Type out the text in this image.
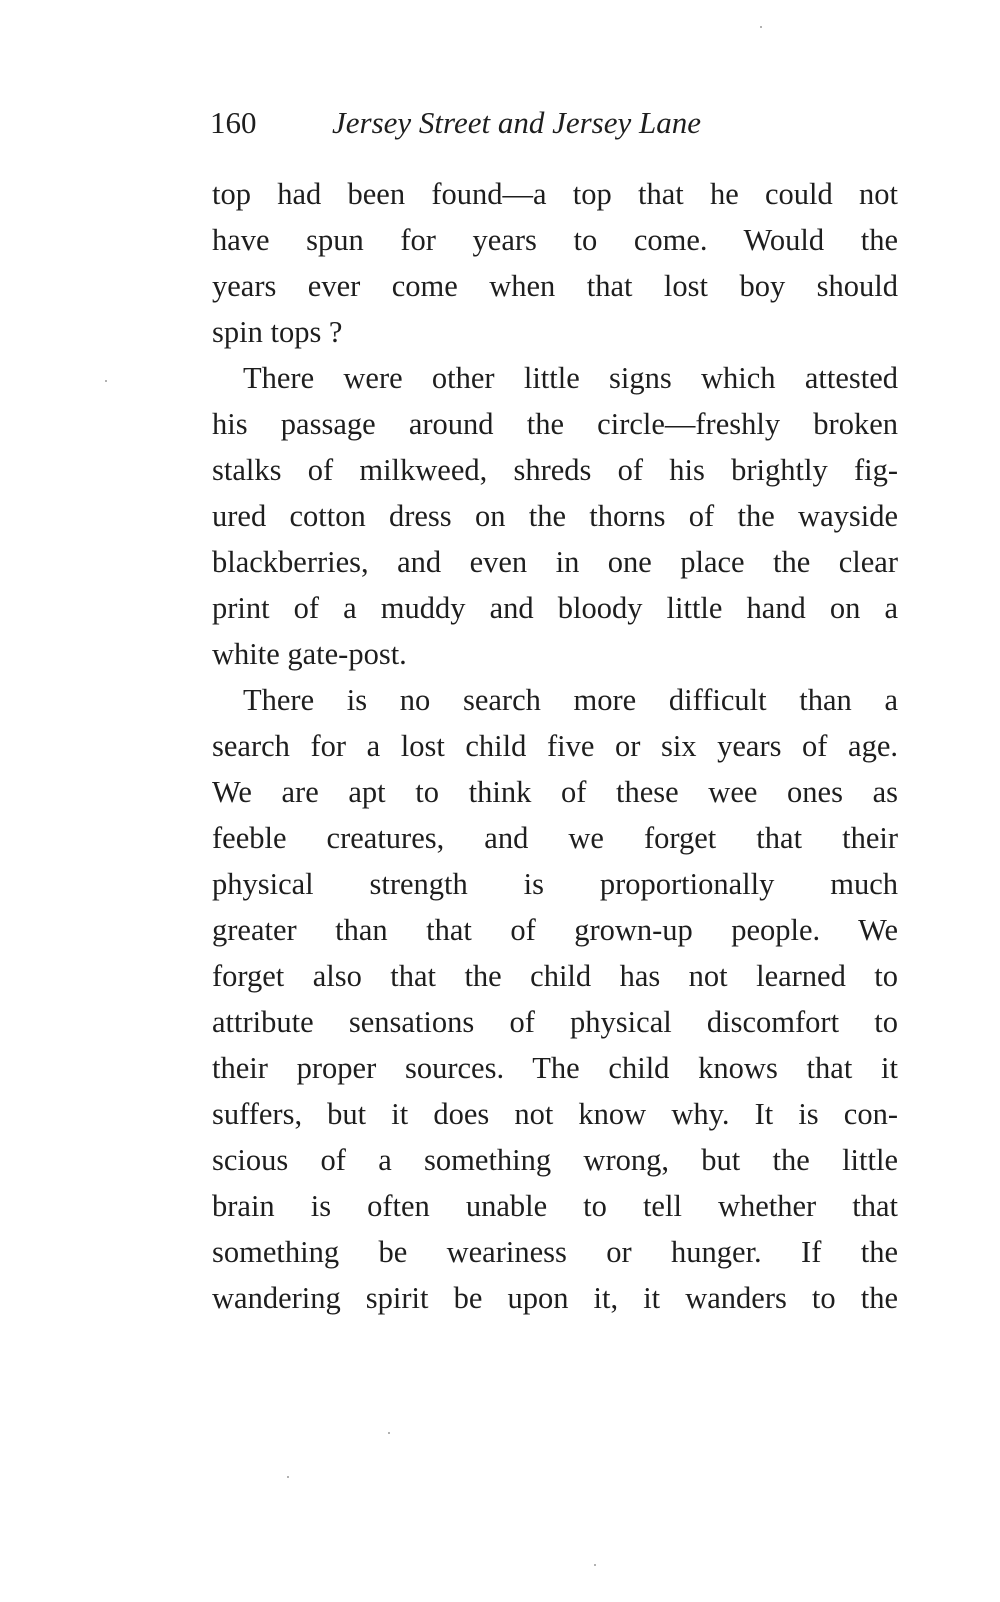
160 Jersey Street and Jersey Lane
top had been found—a top that he could not
have spun for years to come. Would the
years ever come when that lost boy should
spin tops ?
There were other little signs which attested
his passage around the circle—freshly broken
stalks of milkweed, shreds of his brightly fig-
ured cotton dress on the thorns of the wayside
blackberries, and even in one place the clear
print of a muddy and bloody little hand on a
white gate-post.
There is no search more difficult than a
search for a lost child five or six years of age.
We are apt to think of these wee ones as
feeble creatures, and we forget that their
physical strength is proportionally much
greater than that of grown-up people. We
forget also that the child has not learned to
attribute sensations of physical discomfort to
their proper sources. The child knows that it
suffers, but it does not know why. It is con-
scious of a something wrong, but the little
brain is often unable to tell whether that
something be weariness or hunger. If the
wandering spirit be upon it, it wanders to the
